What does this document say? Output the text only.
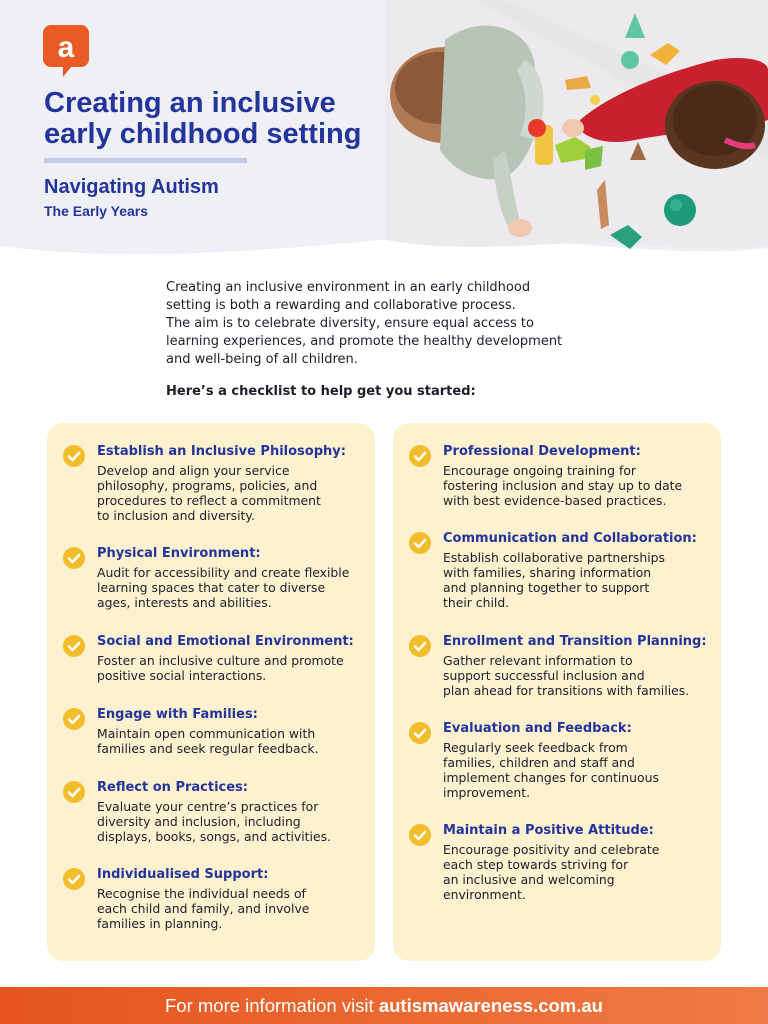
a
Creating an inclusive
early childhood setting
Navigating Autism
The Early Years

Creating an inclusive environment in an early childhood

setting is both a rewarding and collaborative process.

The aim is to celebrate diversity, ensure equal access to

learning experiences, and promote the healthy development

and well-being of all children.

Here’s a checklist to help get you started:
Establish an Inclusive Philosophy:
Develop and align your service
philosophy, programs, policies, and
procedures to reflect a commitment
to inclusion and diversity.
Physical Environment:
Audit for accessibility and create flexible
learning spaces that cater to diverse
ages, interests and abilities.
Social and Emotional Environment:
Foster an inclusive culture and promote
positive social interactions.
Engage with Families:
Maintain open communication with
families and seek regular feedback.
Reflect on Practices:
Evaluate your centre’s practices for
diversity and inclusion, including
displays, books, songs, and activities.
Individualised Support:
Recognise the individual needs of
each child and family, and involve
families in planning.
Professional Development:
Encourage ongoing training for
fostering inclusion and stay up to date
with best evidence-based practices.
Communication and Collaboration:
Establish collaborative partnerships
with families, sharing information
and planning together to support
their child.
Enrollment and Transition Planning:
Gather relevant information to
support successful inclusion and
plan ahead for transitions with families.
Evaluation and Feedback:
Regularly seek feedback from
families, children and staff and
implement changes for continuous
improvement.
Maintain a Positive Attitude:
Encourage positivity and celebrate
each step towards striving for
an inclusive and welcoming
environment.
For more information visit autismawareness.com.au
